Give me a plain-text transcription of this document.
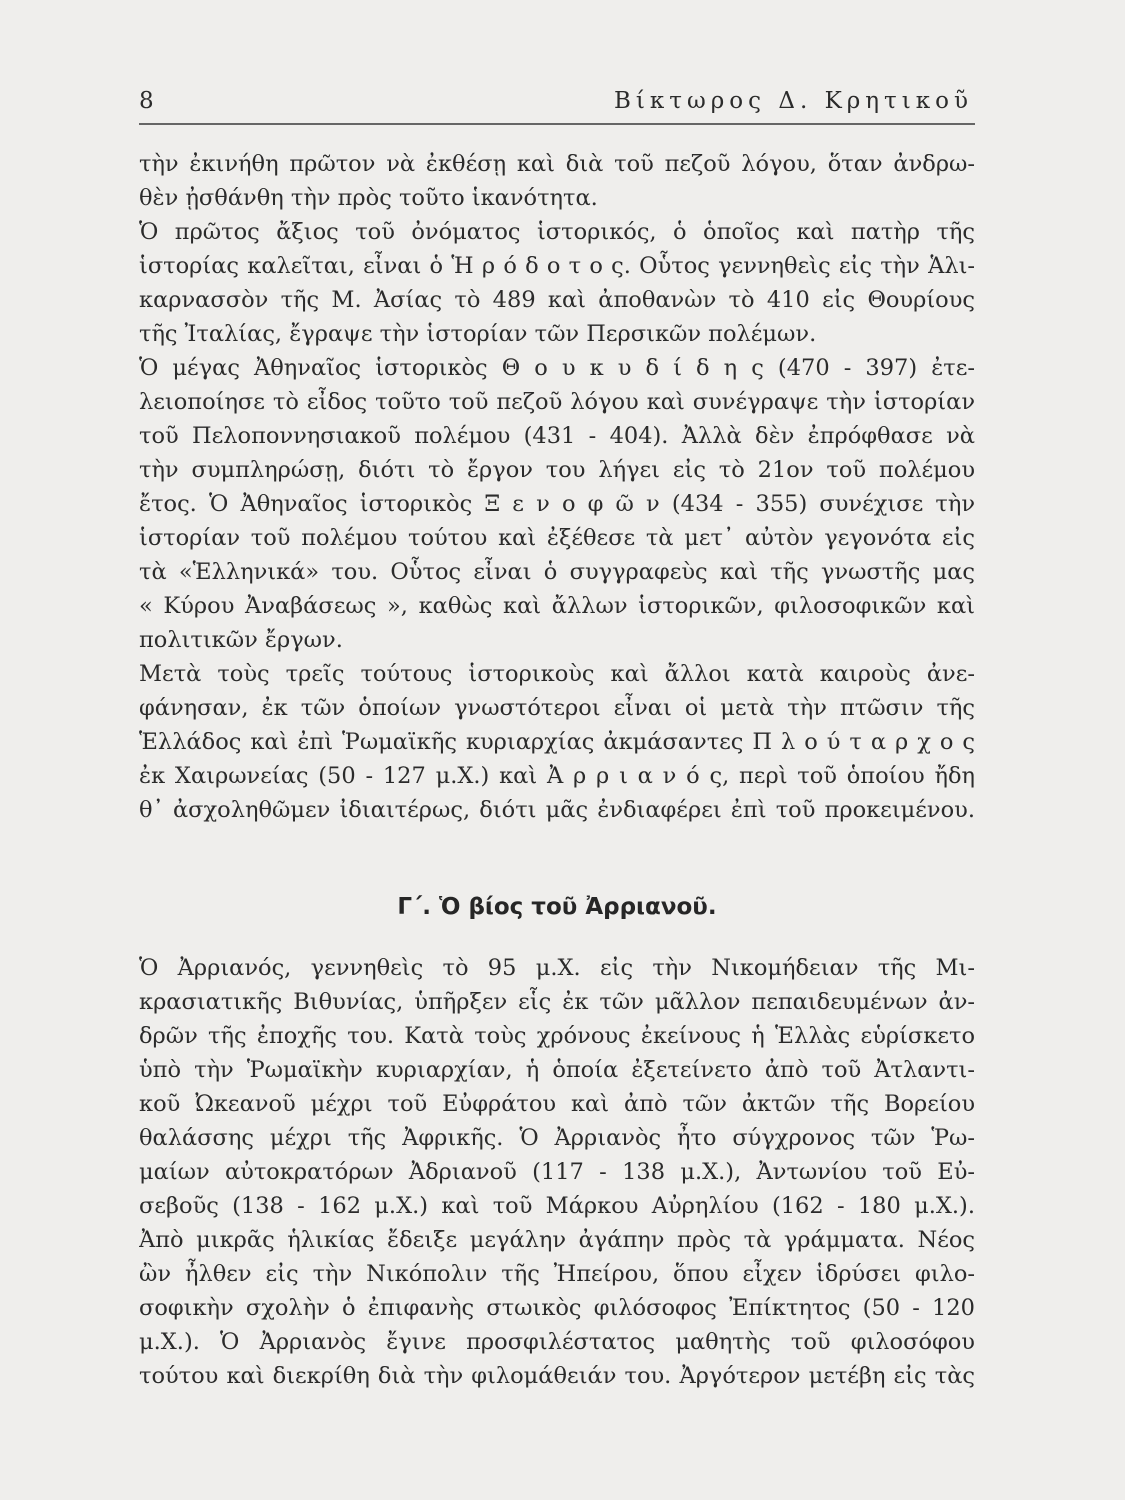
8	Βίκτωρος Δ. Κρητικοῦ
τὴν ἐκινήθη πρῶτον νὰ ἐκθέσῃ καὶ διὰ τοῦ πεζοῦ λόγου, ὅταν ἀνδρω-
θὲν ᾐσθάνθη τὴν πρὸς τοῦτο ἱκανότητα.
Ὁ πρῶτος ἄξιος τοῦ ὀνόματος ἱστορικός, ὁ ὁποῖος καὶ πατὴρ τῆς
ἱστορίας καλεῖται, εἶναι ὁ Ἡ ρ ό δ ο τ ο ς. Οὗτος γεννηθεὶς εἰς τὴν Ἁλι-
καρνασσὸν τῆς Μ. Ἀσίας τὸ 489 καὶ ἀποθανὼν τὸ 410 εἰς Θουρίους
τῆς Ἰταλίας, ἔγραψε τὴν ἱστορίαν τῶν Περσικῶν πολέμων.
Ὁ μέγας Ἀθηναῖος ἱστορικὸς Θ ο υ κ υ δ ί δ η ς (470 - 397) ἐτε-
λειοποίησε τὸ εἶδος τοῦτο τοῦ πεζοῦ λόγου καὶ συνέγραψε τὴν ἱστορίαν
τοῦ Πελοποννησιακοῦ πολέμου (431 - 404). Ἀλλὰ δὲν ἐπρόφθασε νὰ
τὴν συμπληρώσῃ, διότι τὸ ἔργον του λήγει εἰς τὸ 21ον τοῦ πολέμου
ἔτος. Ὁ Ἀθηναῖος ἱστορικὸς Ξ ε ν ο φ ῶ ν (434 - 355) συνέχισε τὴν
ἱστορίαν τοῦ πολέμου τούτου καὶ ἐξέθεσε τὰ μετ᾽ αὐτὸν γεγονότα εἰς
τὰ «Ἑλληνικά» του. Οὗτος εἶναι ὁ συγγραφεὺς καὶ τῆς γνωστῆς μας
« Κύρου Ἀναβάσεως », καθὼς καὶ ἄλλων ἱστορικῶν, φιλοσοφικῶν καὶ
πολιτικῶν ἔργων.
Μετὰ τοὺς τρεῖς τούτους ἱστορικοὺς καὶ ἄλλοι κατὰ καιροὺς ἀνε-
φάνησαν, ἐκ τῶν ὁποίων γνωστότεροι εἶναι οἱ μετὰ τὴν πτῶσιν τῆς
Ἑλλάδος καὶ ἐπὶ Ῥωμαϊκῆς κυριαρχίας ἀκμάσαντες Π λ ο ύ τ α ρ χ ο ς
ἐκ Χαιρωνείας (50 - 127 μ.Χ.) καὶ Ἀ ρ ρ ι α ν ό ς, περὶ τοῦ ὁποίου ἤδη
θ᾽ ἀσχοληθῶμεν ἰδιαιτέρως, διότι μᾶς ἐνδιαφέρει ἐπὶ τοῦ προκειμένου.
Γ΄. Ὁ βίος τοῦ Ἀρριανοῦ.
Ὁ Ἀρριανός, γεννηθεὶς τὸ 95 μ.Χ. εἰς τὴν Νικομήδειαν τῆς Μι-
κρασιατικῆς Βιθυνίας, ὑπῆρξεν εἷς ἐκ τῶν μᾶλλον πεπαιδευμένων ἀν-
δρῶν τῆς ἐποχῆς του. Κατὰ τοὺς χρόνους ἐκείνους ἡ Ἑλλὰς εὑρίσκετο
ὑπὸ τὴν Ῥωμαϊκὴν κυριαρχίαν, ἡ ὁποία ἐξετείνετο ἀπὸ τοῦ Ἀτλαντι-
κοῦ Ὠκεανοῦ μέχρι τοῦ Εὐφράτου καὶ ἀπὸ τῶν ἀκτῶν τῆς Βορείου
θαλάσσης μέχρι τῆς Ἀφρικῆς. Ὁ Ἀρριανὸς ἦτο σύγχρονος τῶν Ῥω-
μαίων αὐτοκρατόρων Ἀδριανοῦ (117 - 138 μ.Χ.), Ἀντωνίου τοῦ Εὐ-
σεβοῦς (138 - 162 μ.Χ.) καὶ τοῦ Μάρκου Αὐρηλίου (162 - 180 μ.Χ.).
Ἀπὸ μικρᾶς ἡλικίας ἔδειξε μεγάλην ἀγάπην πρὸς τὰ γράμματα. Νέος
ὢν ἦλθεν εἰς τὴν Νικόπολιν τῆς Ἠπείρου, ὅπου εἶχεν ἱδρύσει φιλο-
σοφικὴν σχολὴν ὁ ἐπιφανὴς στωικὸς φιλόσοφος Ἐπίκτητος (50 - 120
μ.Χ.). Ὁ Ἀρριανὸς ἔγινε προσφιλέστατος μαθητὴς τοῦ φιλοσόφου
τούτου καὶ διεκρίθη διὰ τὴν φιλομάθειάν του. Ἀργότερον μετέβη εἰς τὰς
